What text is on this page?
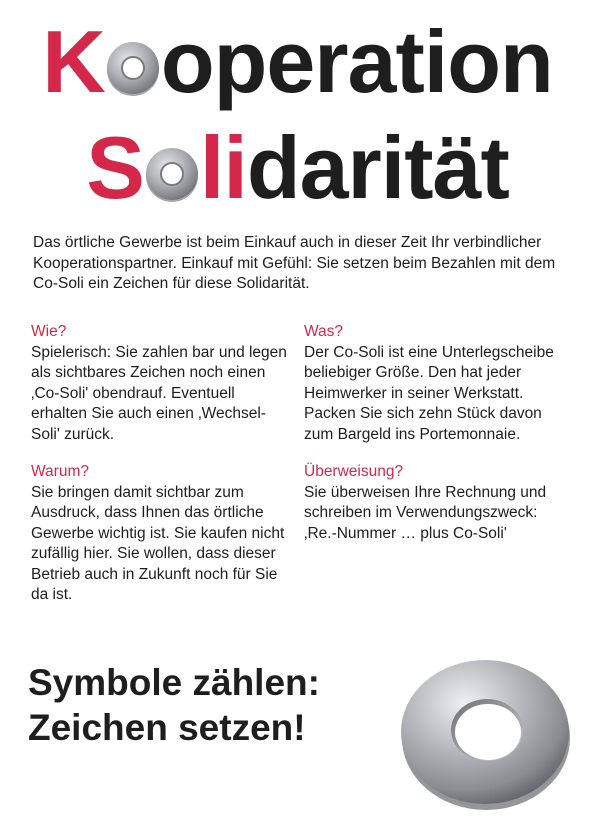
K operation
S lidarität
Das örtliche Gewerbe ist beim Einkauf auch in dieser Zeit Ihr verbindlicher Kooperationspartner. Einkauf mit Gefühl: Sie setzen beim Bezahlen mit dem Co-Soli ein Zeichen für diese Solidarität.
Wie?
Spielerisch: Sie zahlen bar und legen als sichtbares Zeichen noch einen ‚Co-Soli' obendrauf. Eventuell erhalten Sie auch einen ‚Wechsel-Soli' zurück.
Warum?
Sie bringen damit sichtbar zum Ausdruck, dass Ihnen das örtliche Gewerbe wichtig ist. Sie kaufen nicht zufällig hier. Sie wollen, dass dieser Betrieb auch in Zukunft noch für Sie da ist.
Was?
Der Co-Soli ist eine Unterlegscheibe beliebiger Größe. Den hat jeder Heimwerker in seiner Werkstatt. Packen Sie sich zehn Stück davon zum Bargeld ins Portemonnaie.
Überweisung?
Sie überweisen Ihre Rechnung und schreiben im Verwendungszweck: ‚Re.-Nummer … plus Co-Soli'
Symbole zählen:
Zeichen setzen!
